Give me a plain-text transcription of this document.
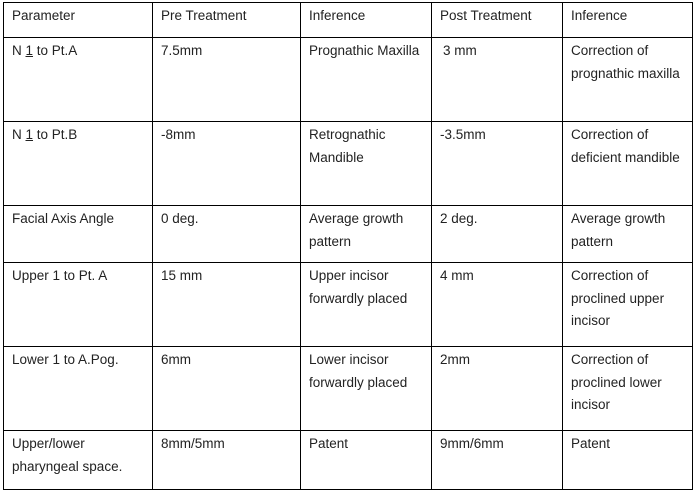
Parameter	Pre Treatment	Inference	Post Treatment	Inference
N 1 to Pt.A	7.5mm	Prognathic Maxilla	3 mm	Correction of prognathic maxilla
N 1 to Pt.B	-8mm	Retrognathic Mandible	-3.5mm	Correction of deficient mandible
Facial Axis Angle	0 deg.	Average growth pattern	2 deg.	Average growth pattern
Upper 1 to Pt. A	15 mm	Upper incisor forwardly placed	4 mm	Correction of proclined upper incisor
Lower 1 to A.Pog.	6mm	Lower incisor forwardly placed	2mm	Correction of proclined lower incisor
Upper/lower pharyngeal space.	8mm/5mm	Patent	9mm/6mm	Patent
